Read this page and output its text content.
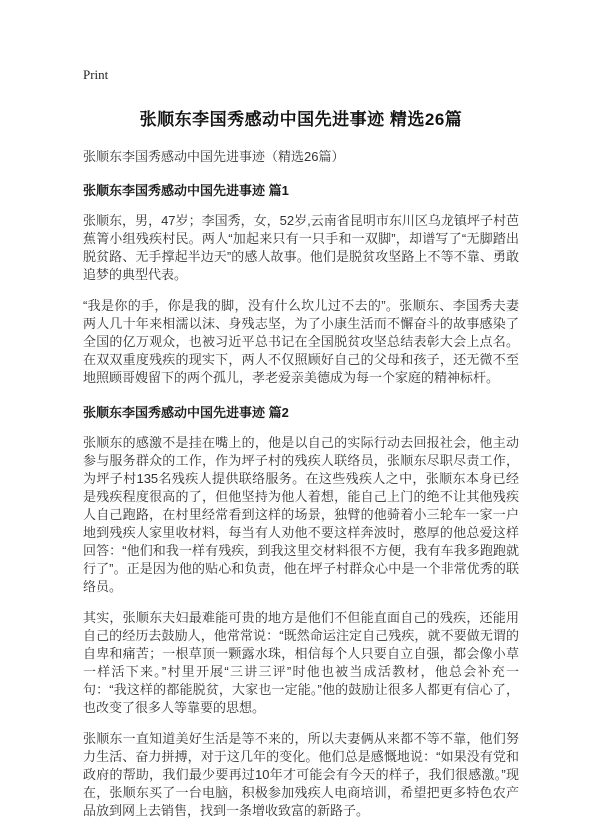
Print
张顺东李国秀感动中国先进事迹 精选26篇

张顺东李国秀感动中国先进事迹（精选26篇）

张顺东李国秀感动中国先进事迹 篇1

张顺东，男，47岁；李国秀，女，52岁,云南省昆明市东川区乌龙镇坪子村芭蕉箐小组残疾村民。两人“加起来只有一只手和一双脚”，却谱写了“无脚踏出脱贫路、无手撑起半边天”的感人故事。他们是脱贫攻坚路上不等不靠、勇敢追梦的典型代表。

“我是你的手，你是我的脚，没有什么坎儿过不去的”。张顺东、李国秀夫妻两人几十年来相濡以沫、身残志坚，为了小康生活而不懈奋斗的故事感染了全国的亿万观众，也被习近平总书记在全国脱贫攻坚总结表彰大会上点名。在双双重度残疾的现实下，两人不仅照顾好自己的父母和孩子，还无微不至地照顾哥嫂留下的两个孤儿，孝老爱亲美德成为每一个家庭的精神标杆。

张顺东李国秀感动中国先进事迹 篇2

张顺东的感激不是挂在嘴上的，他是以自己的实际行动去回报社会，他主动参与服务群众的工作，作为坪子村的残疾人联络员，张顺东尽职尽责工作，为坪子村135名残疾人提供联络服务。在这些残疾人之中，张顺东本身已经是残疾程度很高的了，但他坚持为他人着想，能自己上门的绝不让其他残疾人自己跑路，在村里经常看到这样的场景，独臂的他骑着小三轮车一家一户地到残疾人家里收材料，每当有人劝他不要这样奔波时，憨厚的他总爱这样回答：“他们和我一样有残疾，到我这里交材料很不方便，我有车我多跑跑就行了”。正是因为他的贴心和负责，他在坪子村群众心中是一个非常优秀的联络员。

其实，张顺东夫妇最难能可贵的地方是他们不但能直面自己的残疾，还能用自己的经历去鼓励人，他常常说：“既然命运注定自己残疾，就不要做无谓的自卑和痛苦；一根草顶一颗露水珠，相信每个人只要自立自强，都会像小草一样活下来。”村里开展“三讲三评”时他也被当成活教材，他总会补充一句：“我这样的都能脱贫，大家也一定能。”他的鼓励让很多人都更有信心了，也改变了很多人等靠要的思想。

张顺东一直知道美好生活是等不来的，所以夫妻俩从来都不等不靠，他们努力生活、奋力拼搏，对于这几年的变化。他们总是感慨地说：“如果没有党和政府的帮助，我们最少要再过10年才可能会有今天的样子，我们很感激。”现在，张顺东买了一台电脑，积极参加残疾人电商培训，希望把更多特色农产品放到网上去销售，找到一条增收致富的新路子。
